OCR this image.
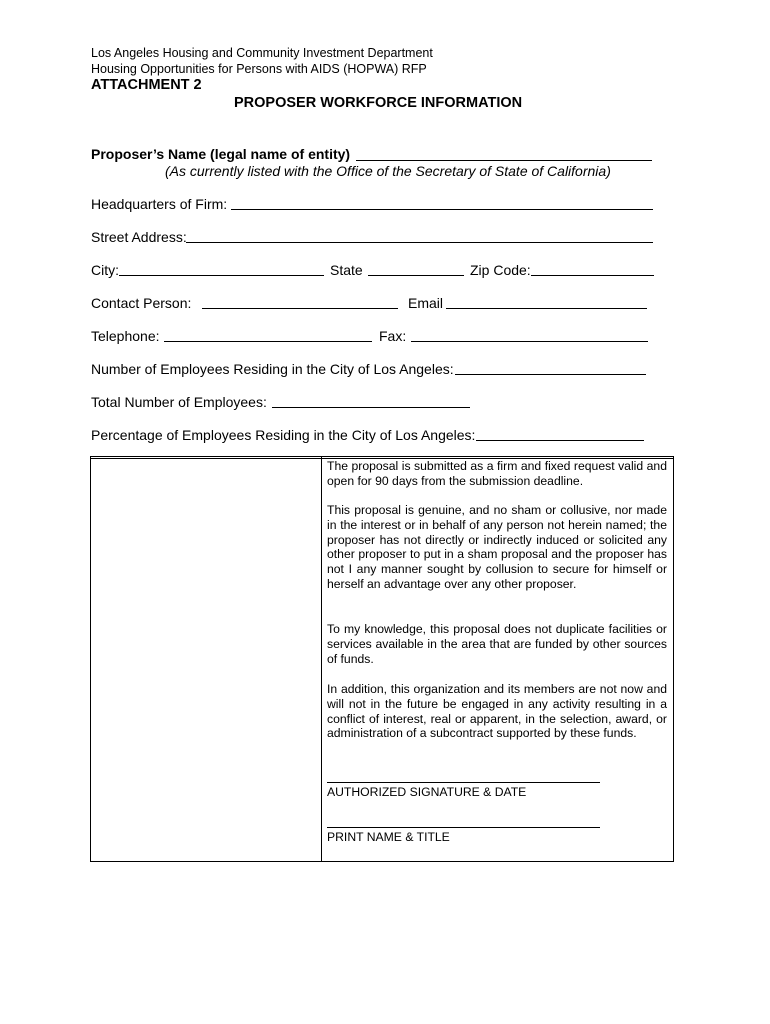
Los Angeles Housing and Community Investment Department
Housing Opportunities for Persons with AIDS (HOPWA) RFP
ATTACHMENT 2
PROPOSER WORKFORCE INFORMATION
Proposer’s Name (legal name of entity)
(As currently listed with the Office of the Secretary of State of California)
Headquarters of Firm:
Street Address:
City:	State	Zip Code:
Contact Person:	Email
Telephone:	Fax:
Number of Employees Residing in the City of Los Angeles:
Total Number of Employees:
Percentage of Employees Residing in the City of Los Angeles:
The proposal is submitted as a firm and fixed request valid and open for 90 days from the submission deadline.
This proposal is genuine, and no sham or collusive, nor made in the interest or in behalf of any person not herein named; the proposer has not directly or indirectly induced or solicited any other proposer to put in a sham proposal and the proposer has not I any manner sought by collusion to secure for himself or herself an advantage over any other proposer.
To my knowledge, this proposal does not duplicate facilities or services available in the area that are funded by other sources of funds.
In addition, this organization and its members are not now and will not in the future be engaged in any activity resulting in a conflict of interest, real or apparent, in the selection, award, or administration of a subcontract supported by these funds.
AUTHORIZED SIGNATURE & DATE
PRINT NAME & TITLE
